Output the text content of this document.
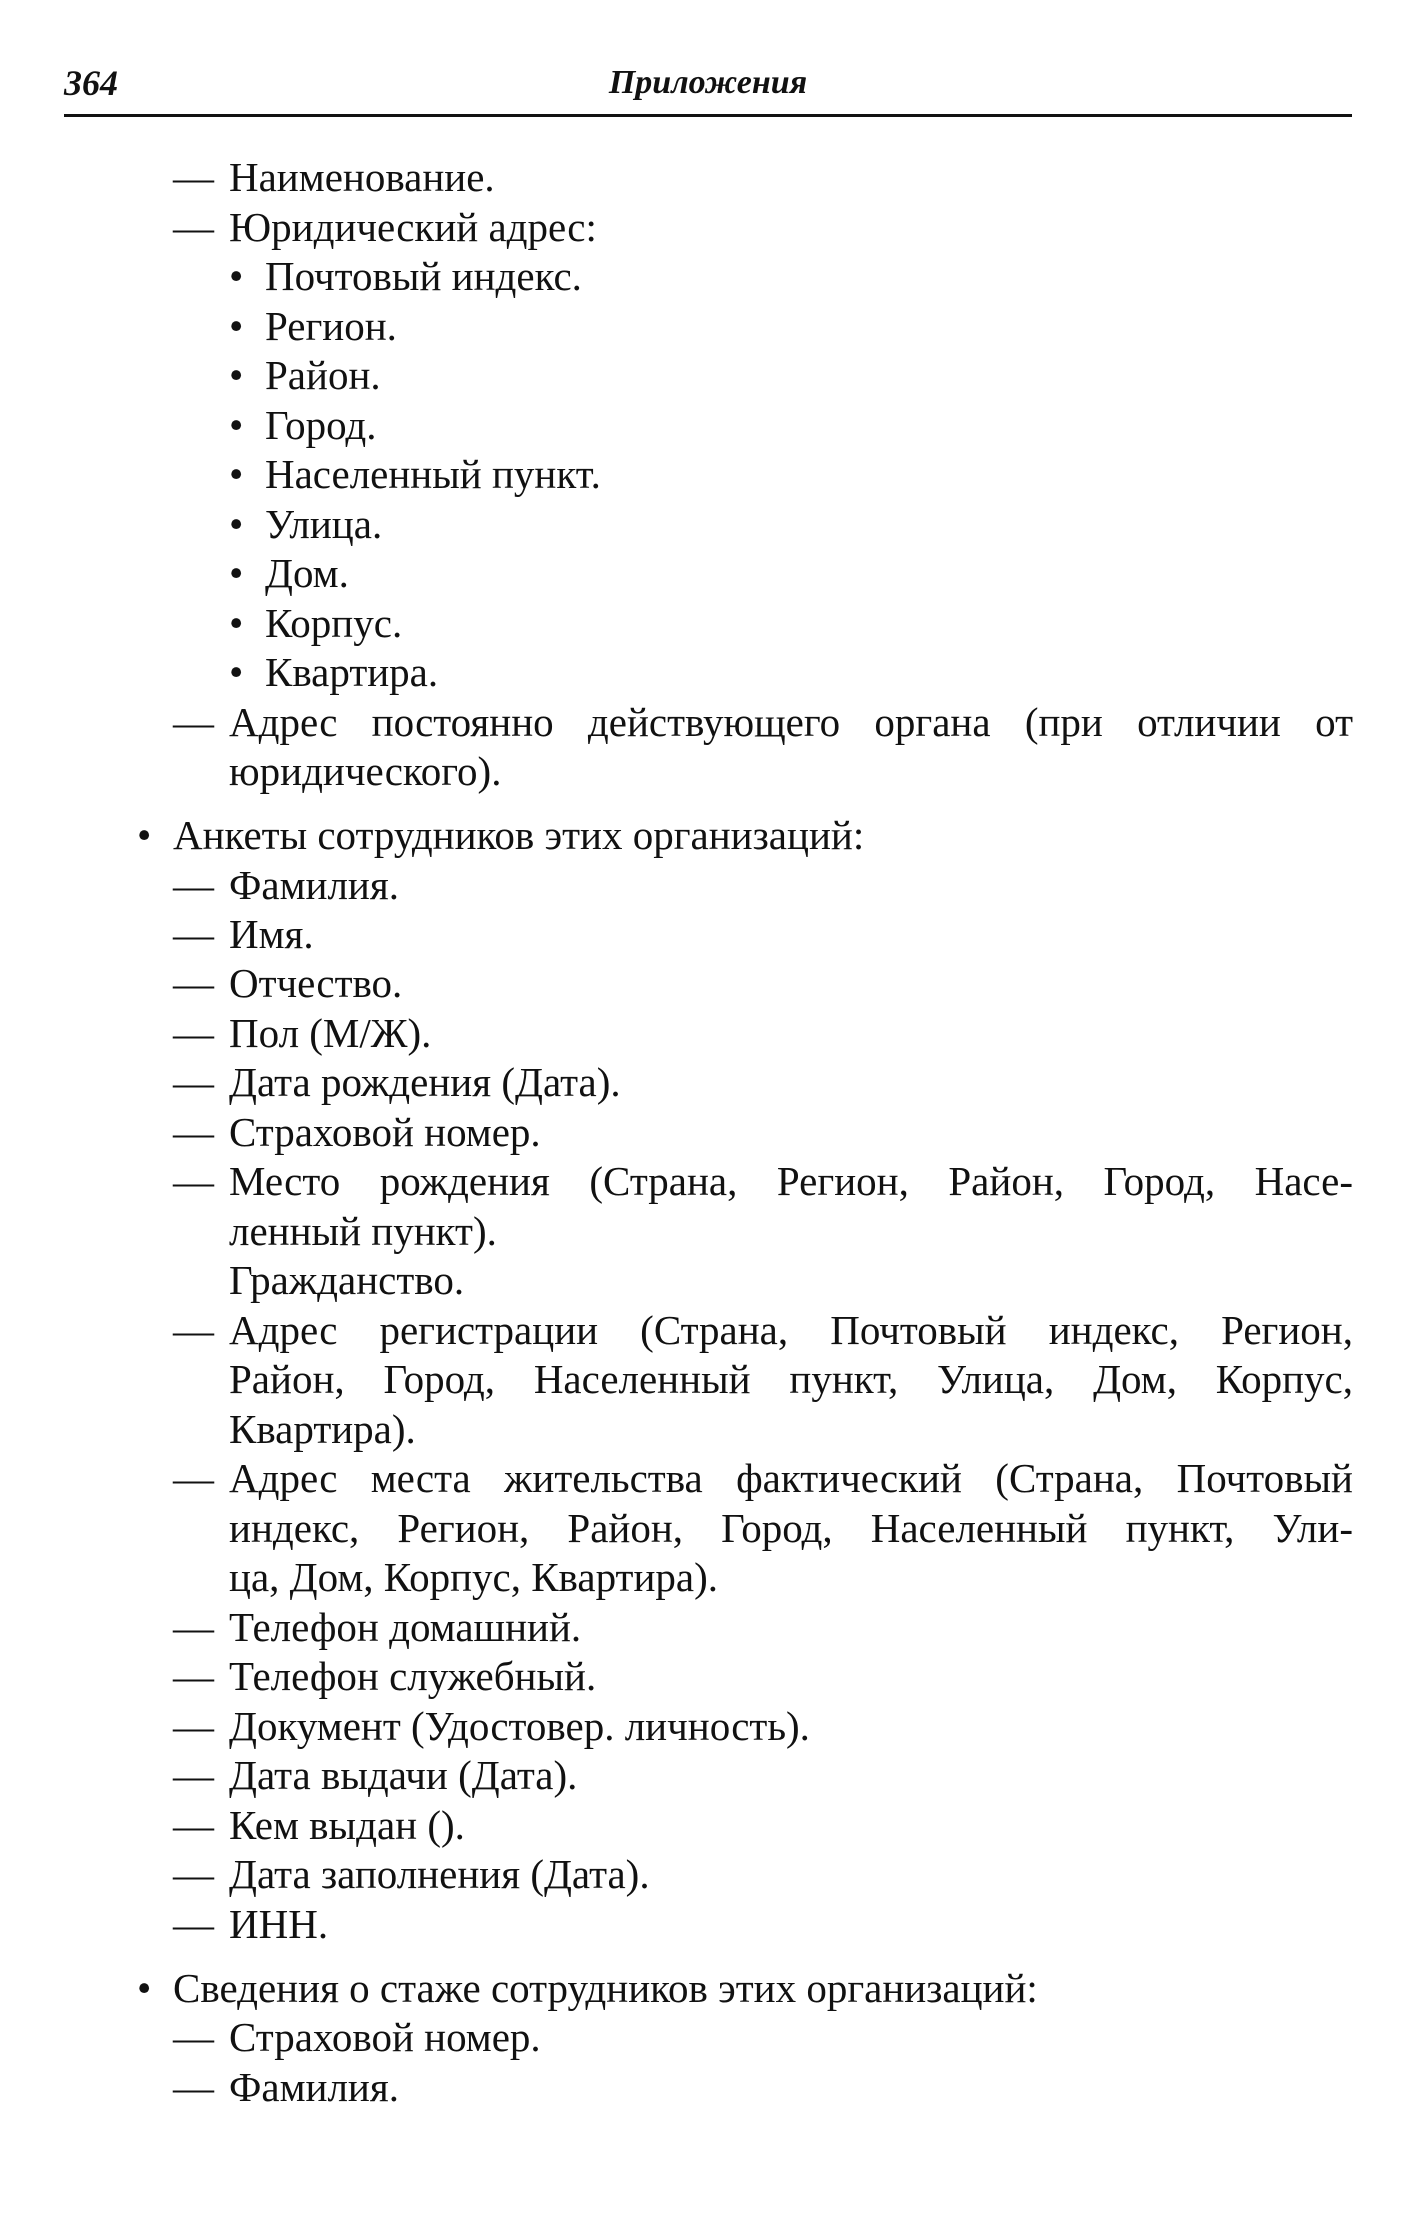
364	Приложения
— Наименование.
— Юридический адрес:
• Почтовый индекс.
• Регион.
• Район.
• Город.
• Населенный пункт.
• Улица.
• Дом.
• Корпус.
• Квартира.
— Адрес постоянно действующего органа (при отличии от
юридического).
• Анкеты сотрудников этих организаций:
— Фамилия.
— Имя.
— Отчество.
— Пол (М/Ж).
— Дата рождения (Дата).
— Страховой номер.
— Место рождения (Страна, Регион, Район, Город, Насе-
ленный пункт).
Гражданство.
— Адрес регистрации (Страна, Почтовый индекс, Регион,
Район, Город, Населенный пункт, Улица, Дом, Корпус,
Квартира).
— Адрес места жительства фактический (Страна, Почтовый
индекс, Регион, Район, Город, Населенный пункт, Ули-
ца, Дом, Корпус, Квартира).
— Телефон домашний.
— Телефон служебный.
— Документ (Удостовер. личность).
— Дата выдачи (Дата).
— Кем выдан ().
— Дата заполнения (Дата).
— ИНН.
• Сведения о стаже сотрудников этих организаций:
— Страховой номер.
— Фамилия.
